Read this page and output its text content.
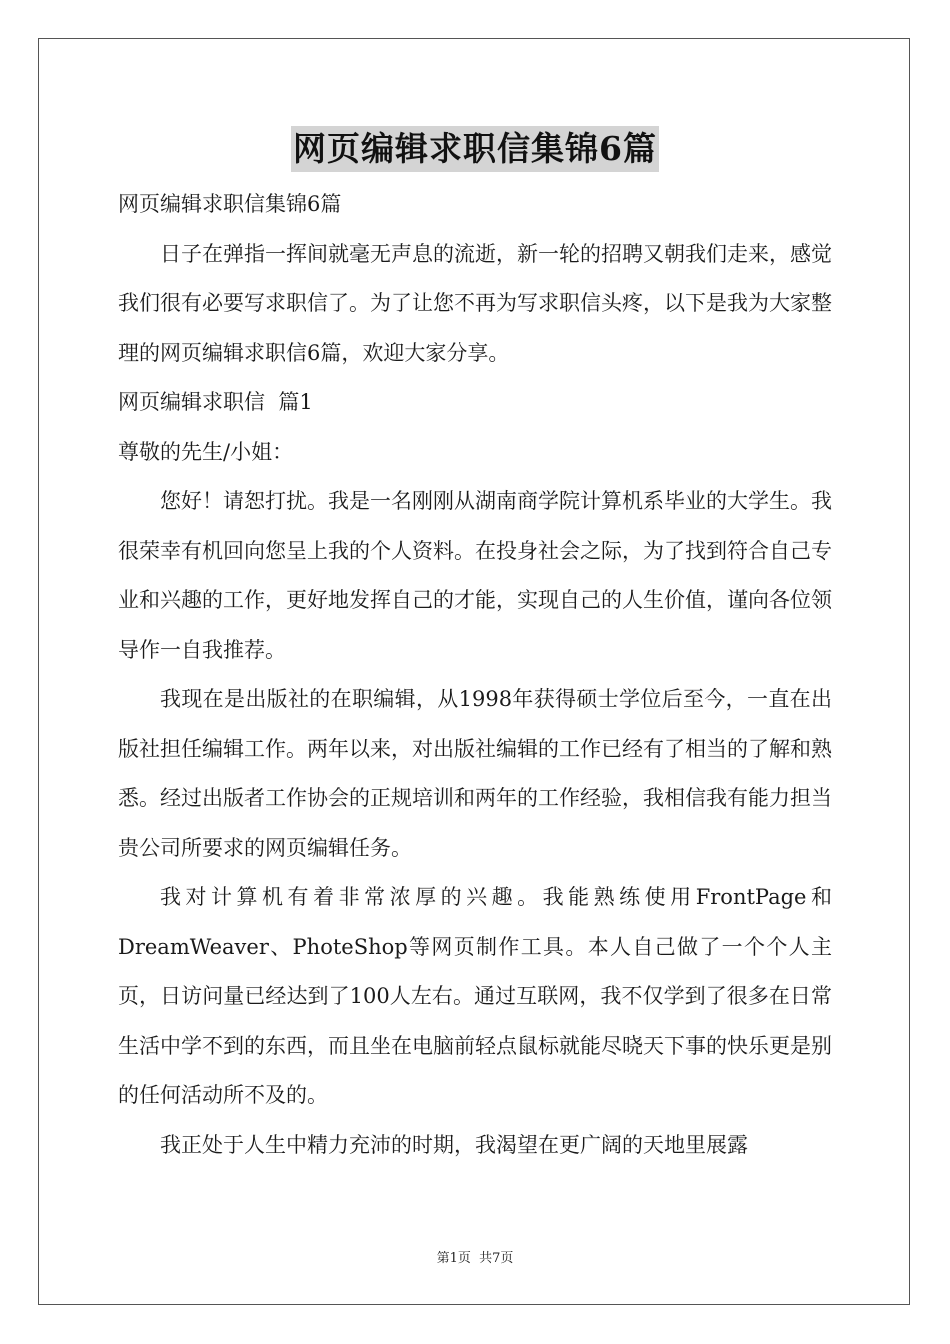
网页编辑求职信集锦6篇

网页编辑求职信集锦6篇

日子在弹指一挥间就毫无声息的流逝，新一轮的招聘又朝我们走来，感觉我们很有必要写求职信了。为了让您不再为写求职信头疼，以下是我为大家整理的网页编辑求职信6篇，欢迎大家分享。

网页编辑求职信  篇1

尊敬的先生/小姐：

您好！请恕打扰。我是一名刚刚从湖南商学院计算机系毕业的大学生。我很荣幸有机回向您呈上我的个人资料。在投身社会之际，为了找到符合自己专业和兴趣的工作，更好地发挥自己的才能，实现自己的人生价值，谨向各位领导作一自我推荐。

我现在是出版社的在职编辑，从1998年获得硕士学位后至今，一直在出版社担任编辑工作。两年以来，对出版社编辑的工作已经有了相当的了解和熟悉。经过出版者工作协会的正规培训和两年的工作经验，我相信我有能力担当贵公司所要求的网页编辑任务。

我对计算机有着非常浓厚的兴趣。我能熟练使用FrontPage和DreamWeaver、PhoteShop等网页制作工具。本人自己做了一个个人主页，日访问量已经达到了100人左右。通过互联网，我不仅学到了很多在日常生活中学不到的东西，而且坐在电脑前轻点鼠标就能尽晓天下事的快乐更是别的任何活动所不及的。

我正处于人生中精力充沛的时期，我渴望在更广阔的天地里展露

第1页  共7页
